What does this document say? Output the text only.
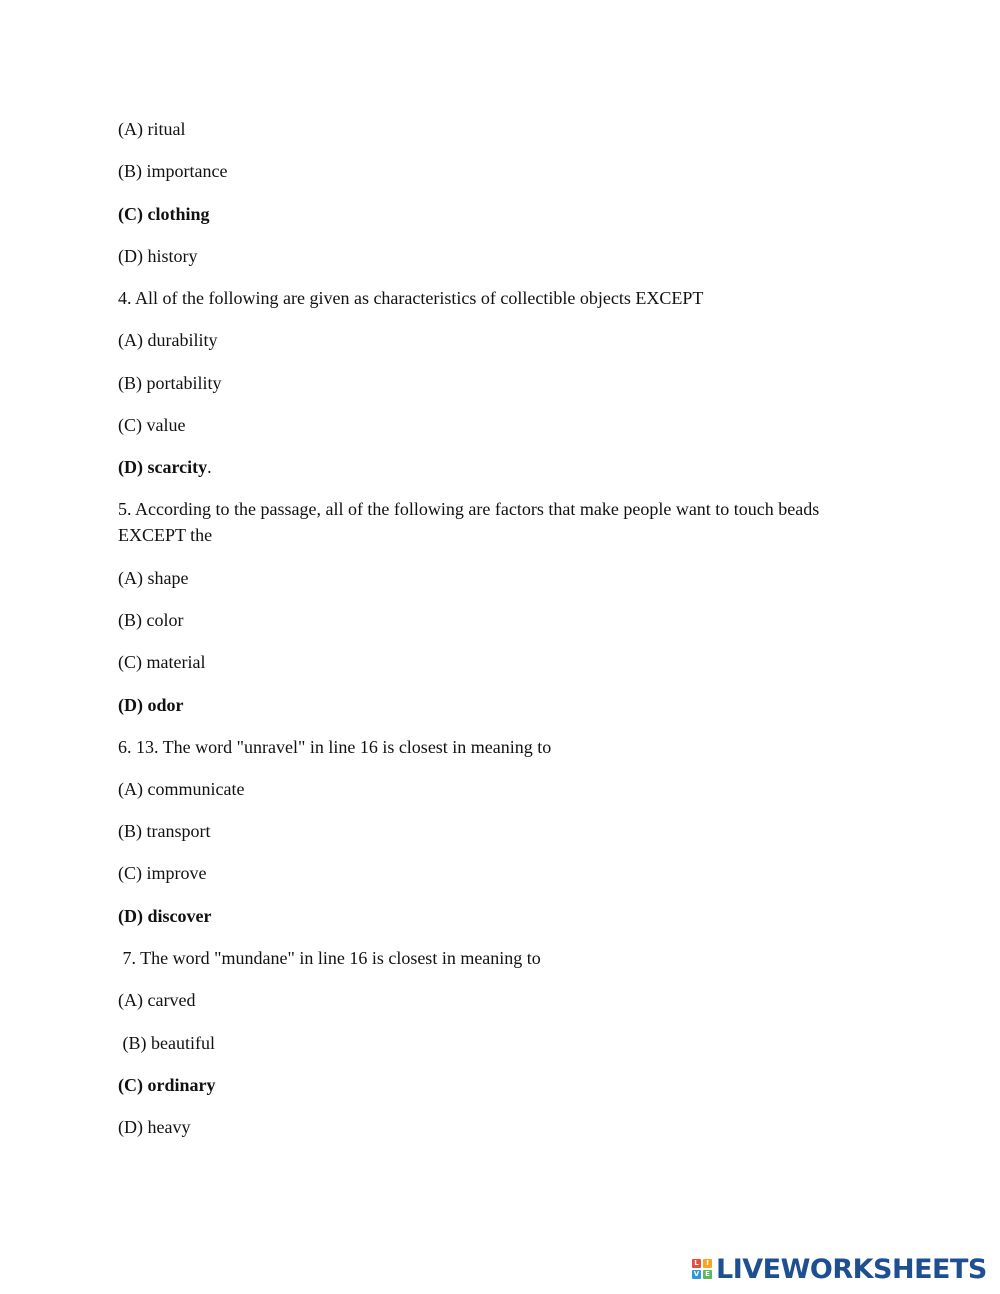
(A) ritual
(B) importance
(C) clothing
(D) history
4. All of the following are given as characteristics of collectible objects EXCEPT
(A) durability
(B) portability
(C) value
(D) scarcity.
5. According to the passage, all of the following are factors that make people want to touch beads EXCEPT the
(A) shape
(B) color
(C) material
(D) odor
6. 13. The word "unravel" in line 16 is closest in meaning to
(A) communicate
(B) transport
(C) improve
(D) discover
7. The word "mundane" in line 16 is closest in meaning to
(A) carved
(B) beautiful
(C) ordinary
(D) heavy
L	I
V E LIVEWORKSHEETS
